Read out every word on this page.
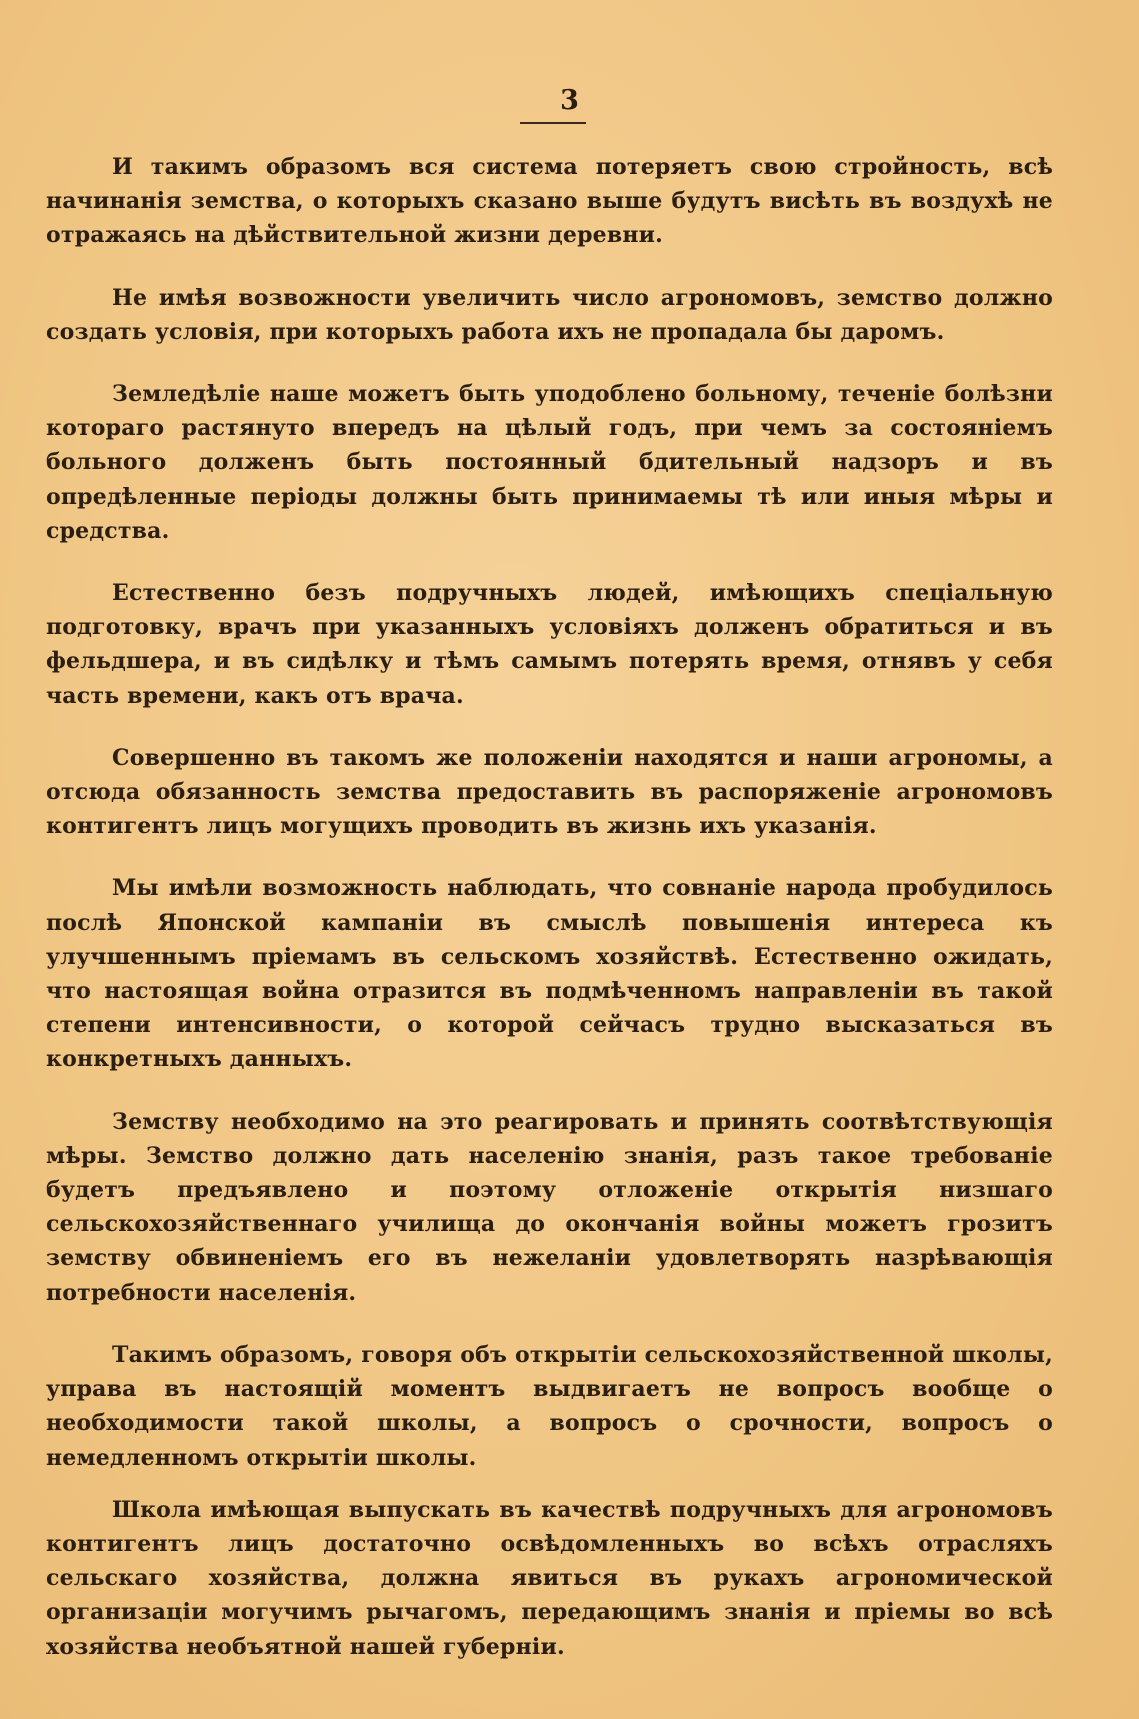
3

И такимъ образомъ вся система потеряетъ свою стройность, всѣ начинанія земства, о которыхъ сказано выше будутъ висѣть въ воздухѣ не отражаясь на дѣйствительной жизни деревни.

Не имѣя возвожности увеличить число агрономовъ, земство должно создать условія, при которыхъ работа ихъ не пропадала бы даромъ.

Земледѣліе наше можетъ быть уподоблено больному, теченіе болѣзни котораго растянуто впередъ на цѣлый годъ, при чемъ за состояніемъ больного долженъ быть постоянный бдительный надзоръ и въ опредѣленные періоды должны быть принимаемы тѣ или иныя мѣры и средства.

Естественно безъ подручныхъ людей, имѣющихъ спеціальную подготовку, врачъ при указанныхъ условіяхъ долженъ обратиться и въ фельдшера, и въ сидѣлку и тѣмъ самымъ потерять время, отнявъ у себя часть времени, какъ отъ врача.

Совершенно въ такомъ же положеніи находятся и наши агрономы, а отсюда обязанность земства предоставить въ распоряженіе агрономовъ контигентъ лицъ могущихъ проводить въ жизнь ихъ указанія.

Мы имѣли возможность наблюдать, что совнаніе народа пробудилось послѣ Японской кампаніи въ смыслѣ повышенія интереса къ улучшеннымъ пріемамъ въ сельскомъ хозяйствѣ. Естественно ожидать, что настоящая война отразится въ подмѣченномъ направленіи въ такой степени интенсивности, о которой сейчасъ трудно высказаться въ конкретныхъ данныхъ.

Земству необходимо на это реагировать и принять соотвѣтствующія мѣры. Земство должно дать населенію знанія, разъ такое требованіе будетъ предъявлено и поэтому отложеніе открытія низшаго сельскохозяйственнаго училища до окончанія войны можетъ грозитъ земству обвиненіемъ его въ нежеланіи удовлетворять назрѣвающія потребности населенія.

Такимъ образомъ, говоря объ открытіи сельскохозяйственной школы, управа въ настоящій моментъ выдвигаетъ не вопросъ вообще о необходимости такой школы, а вопросъ о срочности, вопросъ о немедленномъ открытіи школы.

Школа имѣющая выпускать въ качествѣ подручныхъ для агрономовъ контигентъ лицъ достаточно освѣдомленныхъ во всѣхъ отрасляхъ сельскаго хозяйства, должна явиться въ рукахъ агрономической организаціи могучимъ рычагомъ, передающимъ знанія и пріемы во всѣ хозяйства необъятной нашей губерніи.
